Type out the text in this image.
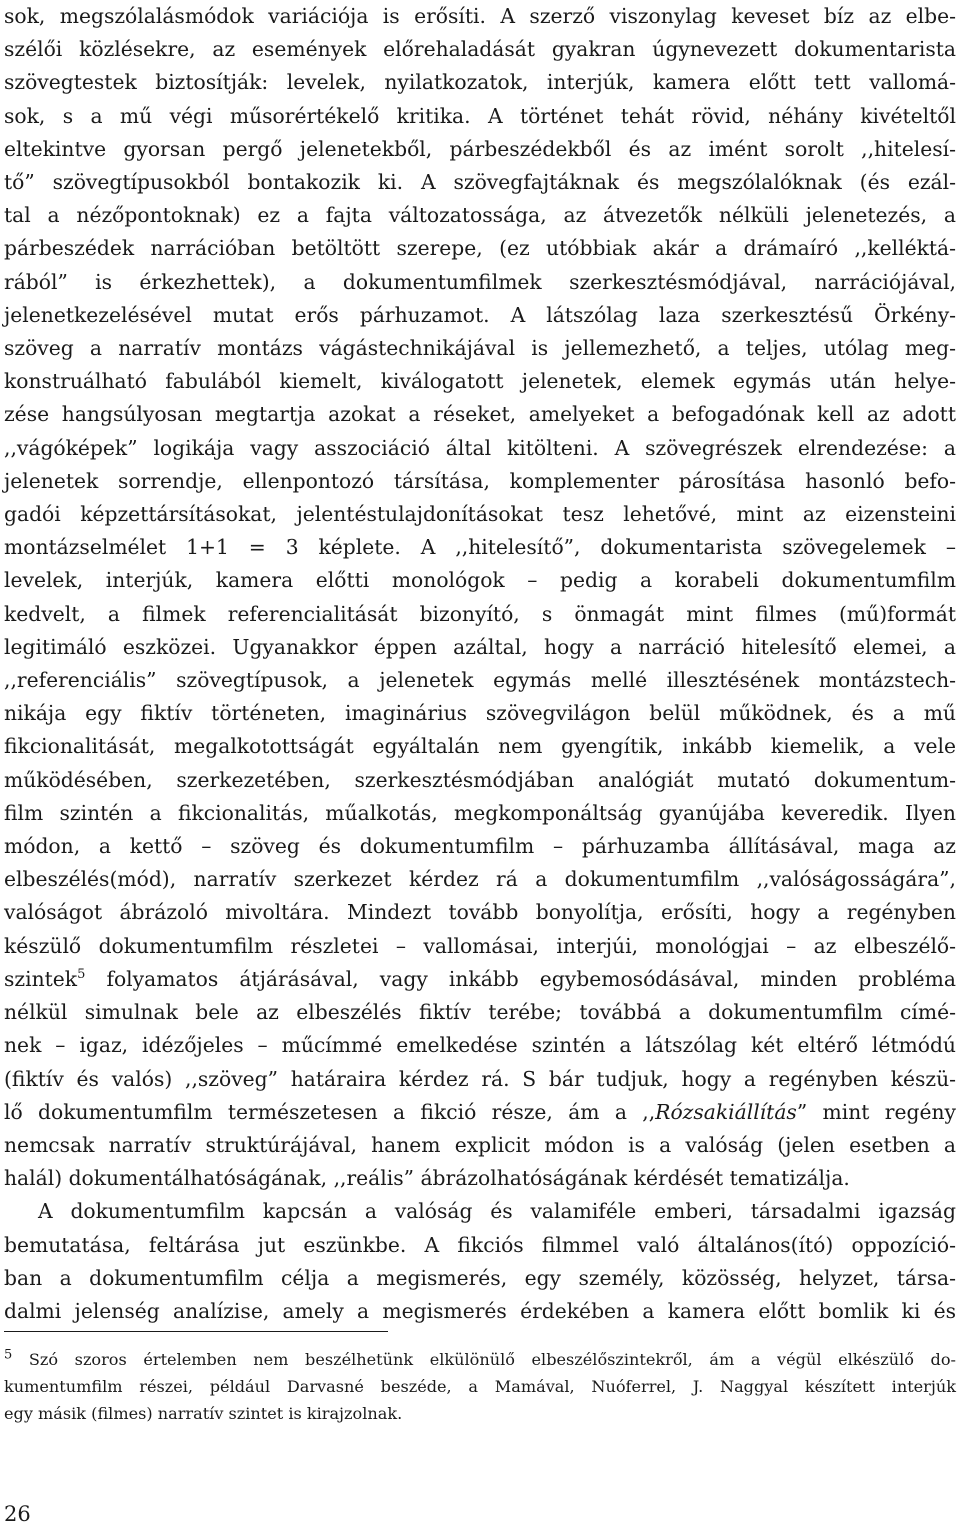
sok, megszólalásmódok variációja is erősíti. A szerző viszonylag keveset bíz az elbe-
szélői közlésekre, az események előrehaladását gyakran úgynevezett dokumentarista
szövegtestek biztosítják: levelek, nyilatkozatok, interjúk, kamera előtt tett vallomá-
sok, s a mű végi műsorértékelő kritika. A történet tehát rövid, néhány kivételtől
eltekintve gyorsan pergő jelenetekből, párbeszédekből és az imént sorolt ,,hitelesí-
tő” szövegtípusokból bontakozik ki. A szövegfajtáknak és megszólalóknak (és ezál-
tal a nézőpontoknak) ez a fajta változatossága, az átvezetők nélküli jelenetezés, a
párbeszédek narrációban betöltött szerepe, (ez utóbbiak akár a drámaíró ,,kelléktá-
rából” is érkezhettek), a dokumentumfilmek szerkesztésmódjával, narrációjával,
jelenetkezelésével mutat erős párhuzamot. A látszólag laza szerkesztésű Örkény-
szöveg a narratív montázs vágástechnikájával is jellemezhető, a teljes, utólag meg-
konstruálható fabulából kiemelt, kiválogatott jelenetek, elemek egymás után helye-
zése hangsúlyosan megtartja azokat a réseket, amelyeket a befogadónak kell az adott
,,vágóképek” logikája vagy asszociáció által kitölteni. A szövegrészek elrendezése: a
jelenetek sorrendje, ellenpontozó társítása, komplementer párosítása hasonló befo-
gadói képzettársításokat, jelentéstulajdonításokat tesz lehetővé, mint az eizensteini
montázselmélet 1+1 = 3 képlete. A ,,hitelesítő”, dokumentarista szövegelemek –
levelek, interjúk, kamera előtti monológok – pedig a korabeli dokumentumfilm
kedvelt, a filmek referencialitását bizonyító, s önmagát mint filmes (mű)formát
legitimáló eszközei. Ugyanakkor éppen azáltal, hogy a narráció hitelesítő elemei, a
,,referenciális” szövegtípusok, a jelenetek egymás mellé illesztésének montázstech-
nikája egy fiktív történeten, imaginárius szövegvilágon belül működnek, és a mű
fikcionalitását, megalkotottságát egyáltalán nem gyengítik, inkább kiemelik, a vele
működésében, szerkezetében, szerkesztésmódjában analógiát mutató dokumentum-
film szintén a fikcionalitás, műalkotás, megkomponáltság gyanújába keveredik. Ilyen
módon, a kettő – szöveg és dokumentumfilm – párhuzamba állításával, maga az
elbeszélés(mód), narratív szerkezet kérdez rá a dokumentumfilm ,,valóságosságára”,
valóságot ábrázoló mivoltára. Mindezt tovább bonyolítja, erősíti, hogy a regényben
készülő dokumentumfilm részletei – vallomásai, interjúi, monológjai – az elbeszélő-
szintek$^5$ folyamatos átjárásával, vagy inkább egybemosódásával, minden probléma
nélkül simulnak bele az elbeszélés fiktív terébe; továbbá a dokumentumfilm címé-
nek – igaz, idézőjeles – műcímmé emelkedése szintén a látszólag két eltérő létmódú
(fiktív és valós) ,,szöveg” határaira kérdez rá. S bár tudjuk, hogy a regényben készü-
lő dokumentumfilm természetesen a fikció része, ám a ,,Rózsakiállítás” mint regény
nemcsak narratív struktúrájával, hanem explicit módon is a valóság (jelen esetben a
halál) dokumentálhatóságának, ,,reális” ábrázolhatóságának kérdését tematizálja.
A dokumentumfilm kapcsán a valóság és valamiféle emberi, társadalmi igazság
bemutatása, feltárása jut eszünkbe. A fikciós filmmel való általános(ító) oppozíció-
ban a dokumentumfilm célja a megismerés, egy személy, közösség, helyzet, társa-
dalmi jelenség analízise, amely a megismerés érdekében a kamera előtt bomlik ki és
$^5$ Szó szoros értelemben nem beszélhetünk elkülönülő elbeszélőszintekről, ám a végül elkészülő do-
kumentumfilm részei, például Darvasné beszéde, a Mamával, Nuóferrel, J. Naggyal készített interjúk
egy másik (filmes) narratív szintet is kirajzolnak.
26
